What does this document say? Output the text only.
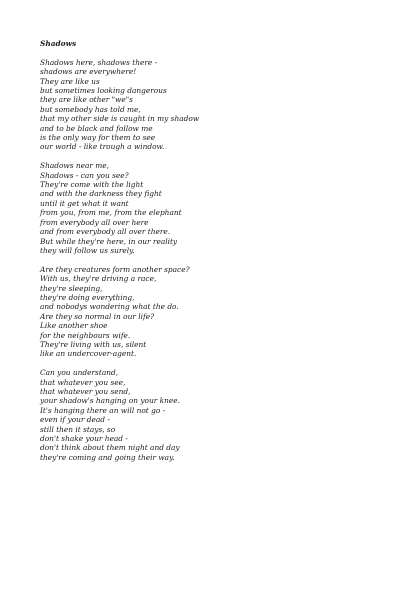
Shadows
Shadows here, shadows there -
shadows are everywhere!
They are like us
but sometimes looking dangerous
they are like other "we"s
but somebody has told me,
that my other side is caught in my shadow
and to be black and follow me
is the only way for them to see
our world - like trough a window.
Shadows near me,
Shadows - can you see?
They're come with the light
and with the darkness they fight
until it get what it want
from you, from me, from the elephant
from everybody all over here
and from everybody all over there.
But while they're here, in our reality
they will follow us surely.
Are they creatures form another space?
With us, they're driving a race,
they're sleeping,
they're doing everything,
and nobodys wondering what the do.
Are they so normal in our life?
Like another shoe
for the neighbours wife.
They're living with us, silent
like an undercover-agent.
Can you understand,
that whatever you see,
that whatever you send,
your shadow's hanging on your knee.
It's hanging there an will not go -
even if your dead -
still then it stays, so
don't shake your head -
don't think about them night and day
they're coming and going their way.
